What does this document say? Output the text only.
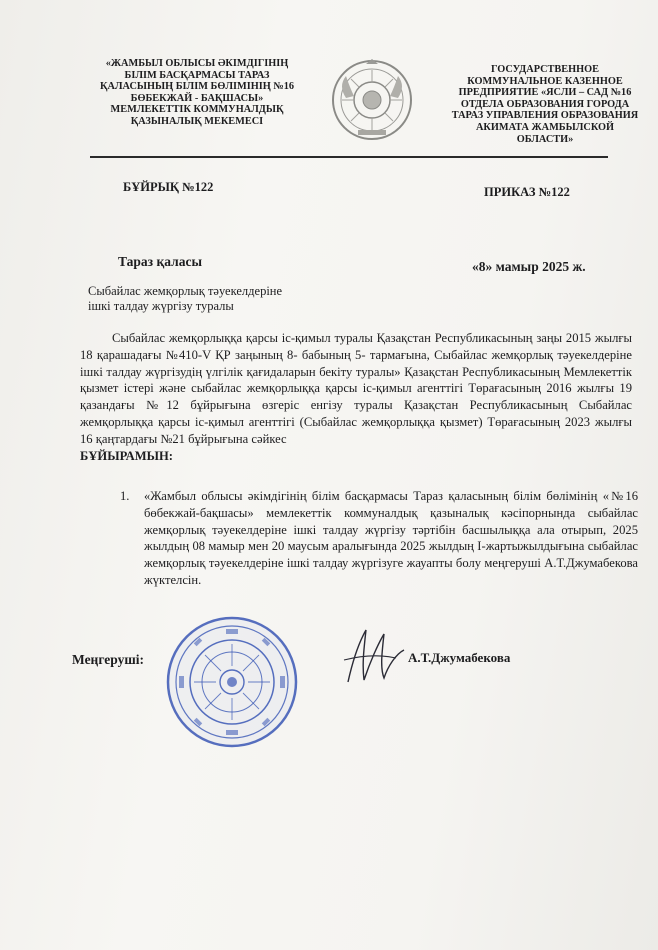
«ЖАМБЫЛ ОБЛЫСЫ ӘКІМДІГІНІҢ
БІЛІМ БАСҚАРМАСЫ ТАРАЗ
ҚАЛАСЫНЫҢ БІЛІМ БӨЛІМІНІҢ №16
БӨБЕКЖАЙ - БАҚШАСЫ»
МЕМЛЕКЕТТІК КОММУНАЛДЫҚ
ҚАЗЫНАЛЫҚ МЕКЕМЕСІ
ГОСУДАРСТВЕННОЕ
КОММУНАЛЬНОЕ КАЗЕННОЕ
ПРЕДПРИЯТИЕ «ЯСЛИ – САД №16
ОТДЕЛА ОБРАЗОВАНИЯ ГОРОДА
ТАРАЗ УПРАВЛЕНИЯ ОБРАЗОВАНИЯ
АКИМАТА ЖАМБЫЛСКОЙ
ОБЛАСТИ»
БҰЙРЫҚ №122	ПРИКАЗ №122
Тараз қаласы	«8» мамыр 2025 ж.
Сыбайлас жемқорлық тәуекелдеріне
ішкі талдау жүргізу туралы
Сыбайлас жемқорлыққа қарсы іс-қимыл туралы Қазақстан Республикасының заңы 2015 жылғы 18 қарашадағы №410-V ҚР заңының 8- бабының 5- тармағына, Сыбайлас жемқорлық тәуекелдеріне ішкі талдау жүргізудің үлгілік қағидаларын бекіту туралы» Қазақстан Республикасының Мемлекеттік қызмет істері және сыбайлас жемқорлыққа қарсы іс-қимыл агенттігі Төрағасының 2016 жылғы 19 қазандағы №12 бұйрығына өзгеріс енгізу туралы Қазақстан Республикасының Сыбайлас жемқорлыққа қарсы іс-қимыл агенттігі (Сыбайлас жемқорлыққа қызмет) Төрағасының 2023 жылғы 16 қаңтардағы №21 бұйрығына сәйкес
БҰЙЫРАМЫН:
1. «Жамбыл облысы әкімдігінің білім басқармасы Тараз қаласының білім бөлімінің «№16 бөбекжай-бақшасы» мемлекеттік коммуналдық қазыналық кәсіпорнында сыбайлас жемқорлық тәуекелдеріне ішкі талдау жүргізу тәртібін басшылыққа ала отырып, 2025 жылдың 08 мамыр мен 20 маусым аралығында 2025 жылдың I-жартыжылдығына сыбайлас жемқорлық тәуекелдеріне ішкі талдау жүргізуге жауапты болу меңгеруші А.Т.Джумабекова жүктелсін.
Меңгеруші:	А.Т.Джумабекова
